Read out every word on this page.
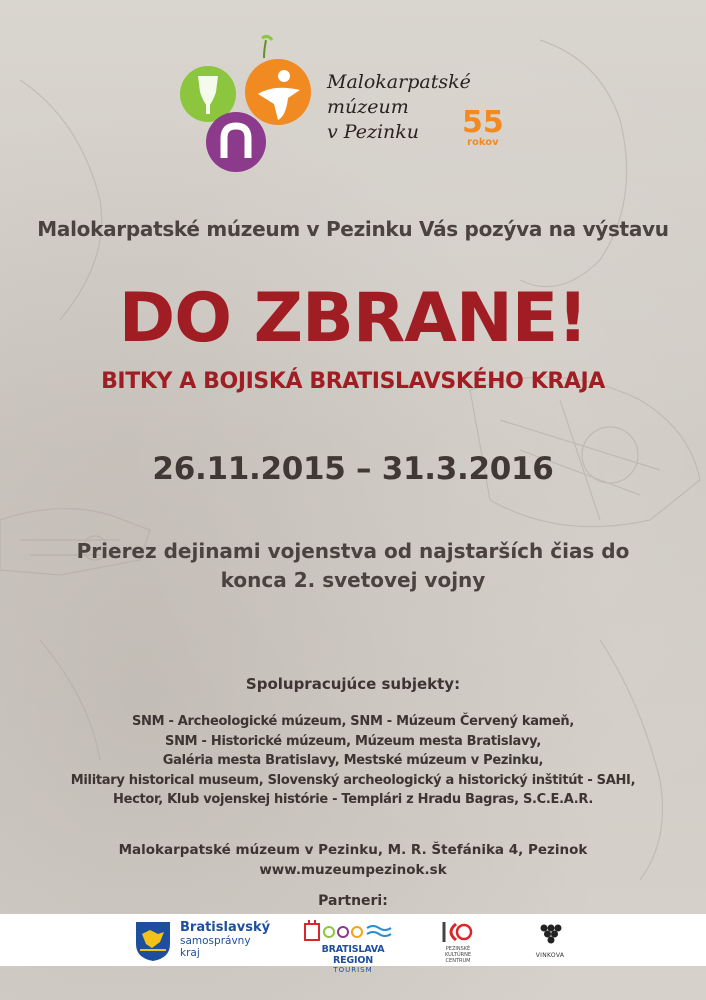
Malokarpatské
múzeum
v Pezinku	55
rokov
Malokarpatské múzeum v Pezinku Vás pozýva na výstavu
DO ZBRANE!
BITKY A BOJISKÁ BRATISLAVSKÉHO KRAJA
26.11.2015 – 31.3.2016
Prierez dejinami vojenstva od najstarších čias do
konca 2. svetovej vojny
Spolupracujúce subjekty:
SNM - Archeologické múzeum, SNM - Múzeum Červený kameň,
SNM - Historické múzeum, Múzeum mesta Bratislavy,
Galéria mesta Bratislavy, Mestské múzeum v Pezinku,
Military historical museum, Slovenský archeologický a historický inštitút - SAHI,
Hector, Klub vojenskej histórie - Templári z Hradu Bagras, S.C.E.A.R.
Malokarpatské múzeum v Pezinku, M. R. Štefánika 4, Pezinok
www.muzeumpezinok.sk
Partneri:
Bratislavský
samosprávny
kraj	BRATISLAVA REGION
TOURISM
PEZINSKÉ
KULTÚRNE
CENTRUM
VINKOVA
